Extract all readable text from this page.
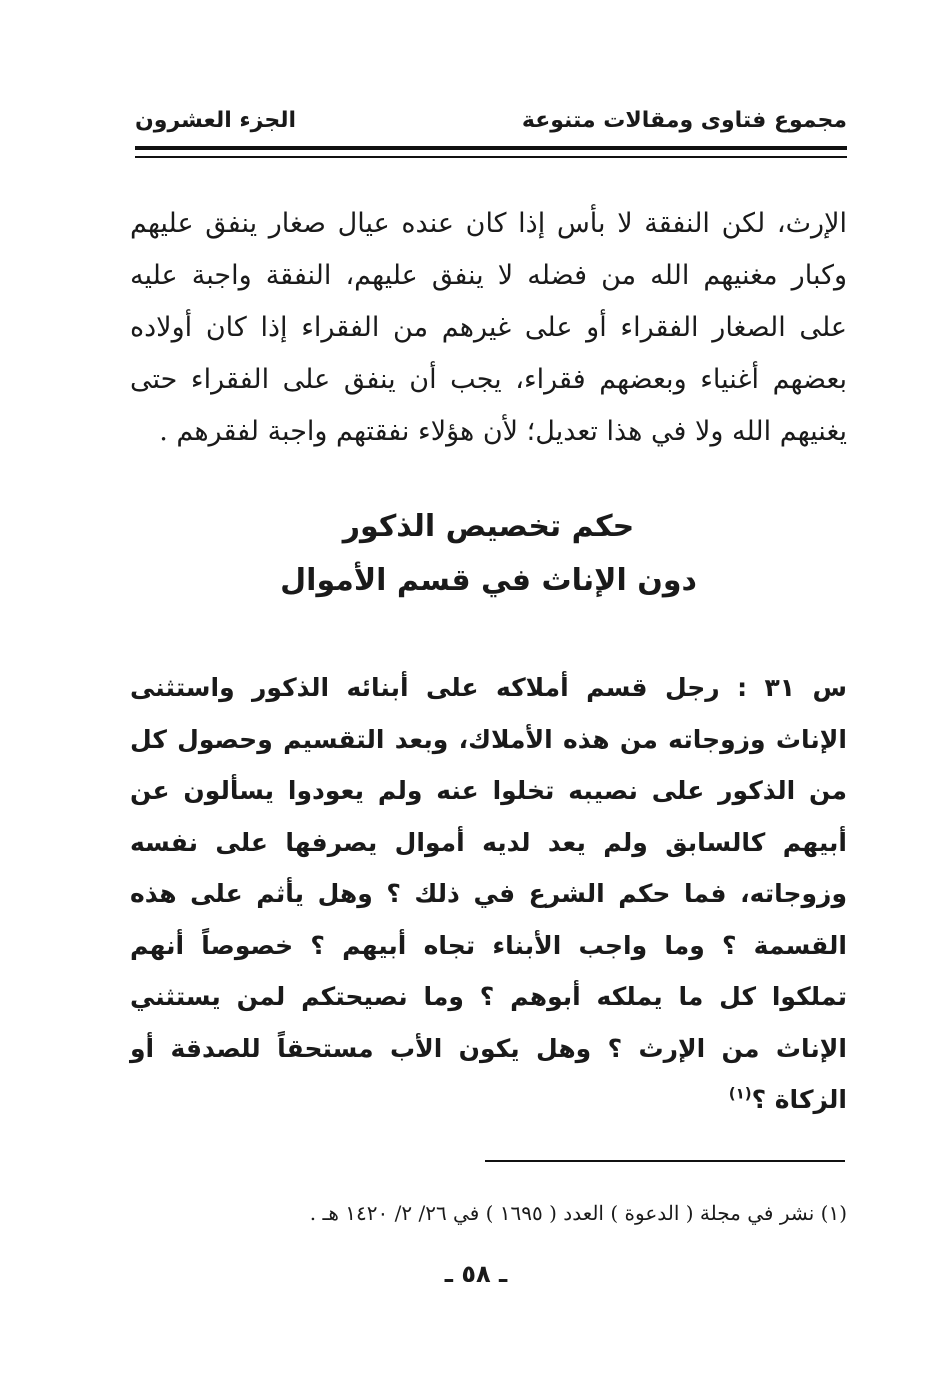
مجموع فتاوى ومقالات متنوعة
الجزء العشرون
الإرث، لكن النفقة لا بأس إذا كان عنده عيال صغار ينفق عليهم وكبار مغنيهم الله من فضله لا ينفق عليهم، النفقة واجبة عليه على الصغار الفقراء أو على غيرهم من الفقراء إذا كان أولاده بعضهم أغنياء وبعضهم فقراء، يجب أن ينفق على الفقراء حتى يغنيهم الله ولا في هذا تعديل؛ لأن هؤلاء نفقتهم واجبة لفقرهم .
حكم تخصيص الذكور
دون الإناث في قسم الأموال
س ٣١ : رجل قسم أملاكه على أبنائه الذكور واستثنى الإناث وزوجاته من هذه الأملاك، وبعد التقسيم وحصول كل من الذكور على نصيبه تخلوا عنه ولم يعودوا يسألون عن أبيهم كالسابق ولم يعد لديه أموال يصرفها على نفسه وزوجاته، فما حكم الشرع في ذلك ؟ وهل يأثم على هذه القسمة ؟ وما واجب الأبناء تجاه أبيهم ؟ خصوصاً أنهم تملكوا كل ما يملكه أبوهم ؟ وما نصيحتكم لمن يستثني الإناث من الإرث ؟ وهل يكون الأب مستحقاً للصدقة أو الزكاة ؟$^{(١)}$
(١) نشر في مجلة ( الدعوة ) العدد ( ١٦٩٥ ) في ٢٦/ ٢/ ١٤٢٠ هـ .
ـ ٥٨ ـ
